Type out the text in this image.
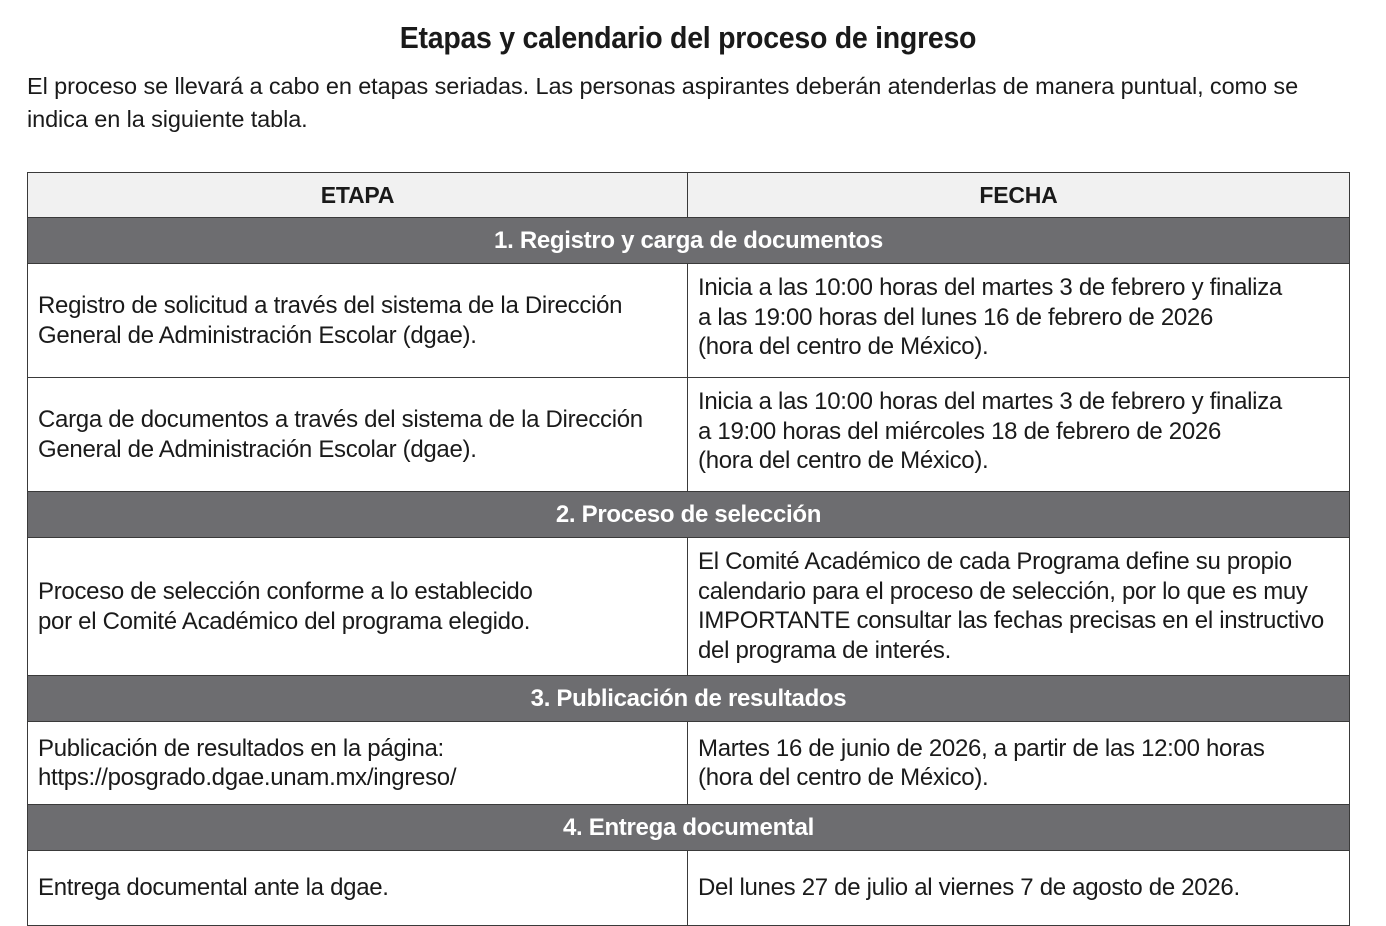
Etapas y calendario del proceso de ingreso
El proceso se llevará a cabo en etapas seriadas. Las personas aspirantes deberán atenderlas de manera puntual, como se indica en la siguiente tabla.
ETAPA	FECHA
1. Registro y carga de documentos	

Registro de solicitud a través del sistema de la Dirección
General de Administración Escolar (dgae).	Inicia a las 10:00 horas del martes 3 de febrero y finaliza
a las 19:00 horas del lunes 16 de febrero de 2026
(hora del centro de México).

Carga de documentos a través del sistema de la Dirección
General de Administración Escolar (dgae).	Inicia a las 10:00 horas del martes 3 de febrero y finaliza
a 19:00 horas del miércoles 18 de febrero de 2026
(hora del centro de México).

2. Proceso de selección	

Proceso de selección conforme a lo establecido
por el Comité Académico del programa elegido.	El Comité Académico de cada Programa define su propio
calendario para el proceso de selección, por lo que es muy
IMPORTANTE consultar las fechas precisas en el instructivo
del programa de interés.

3. Publicación de resultados	

Publicación de resultados en la página:
https://posgrado.dgae.unam.mx/ingreso/	Martes 16 de junio de 2026, a partir de las 12:00 horas
(hora del centro de México).

4. Entrega documental	

Entrega documental ante la dgae.	Del lunes 27 de julio al viernes 7 de agosto de 2026.
